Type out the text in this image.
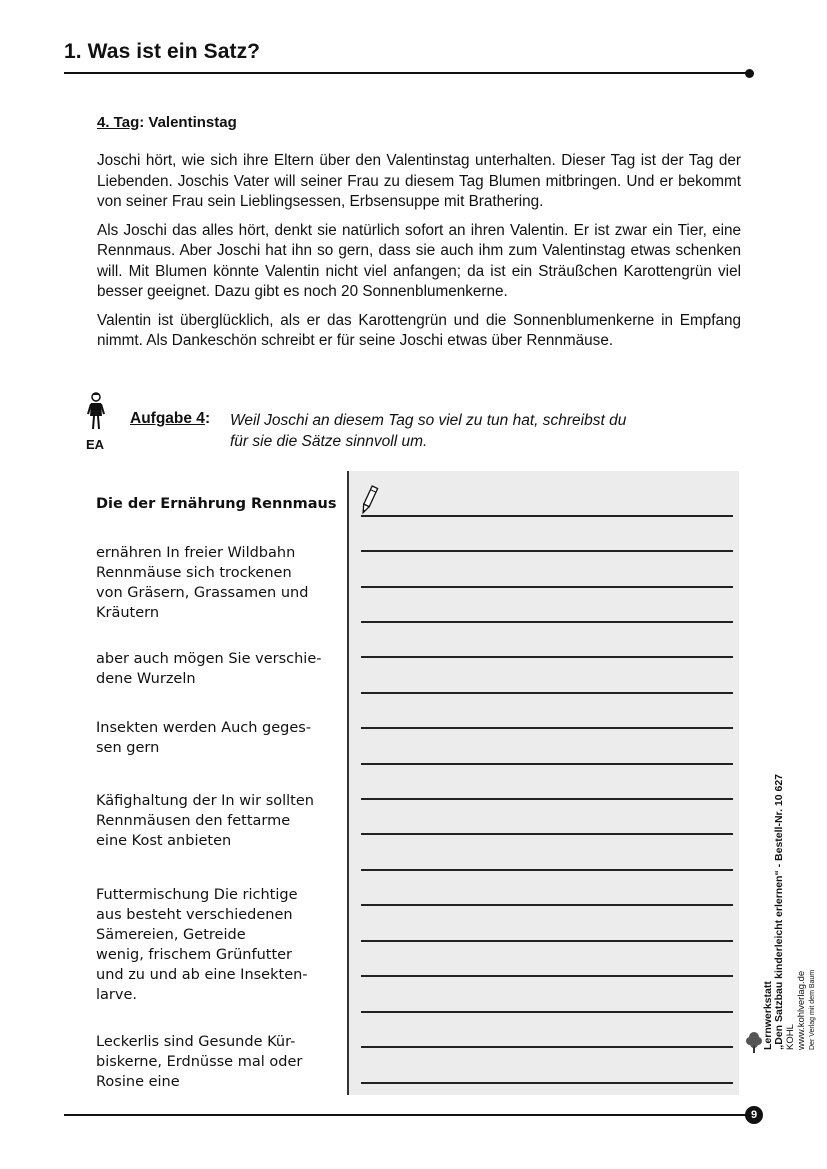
1. Was ist ein Satz?
4. Tag: Valentinstag

Joschi hört, wie sich ihre Eltern über den Valentinstag unterhalten. Dieser Tag ist der Tag der Liebenden. Joschis Vater will seiner Frau zu diesem Tag Blumen mitbringen. Und er bekommt von seiner Frau sein Lieblingsessen, Erbsensuppe mit Brathering.

Als Joschi das alles hört, denkt sie natürlich sofort an ihren Valentin. Er ist zwar ein Tier, eine Rennmaus. Aber Joschi hat ihn so gern, dass sie auch ihm zum Valentinstag etwas schenken will. Mit Blumen könnte Valentin nicht viel anfangen; da ist ein Sträußchen Karottengrün viel besser geeignet. Dazu gibt es noch 20 Sonnenblumenkerne.

Valentin ist überglücklich, als er das Karottengrün und die Sonnenblumenkerne in Empfang nimmt. Als Dankeschön schreibt er für seine Joschi etwas über Rennmäuse.

EA
Aufgabe 4: Weil Joschi an diesem Tag so viel zu tun hat, schreibst du
für sie die Sätze sinnvoll um.
Die der Ernährung Rennmaus
ernähren In freier Wildbahn
Rennmäuse sich trockenen
von Gräsern, Grassamen und
Kräutern
aber auch mögen Sie verschie-
dene Wurzeln
Insekten werden Auch geges-
sen gern
Käfighaltung der In wir sollten
Rennmäusen den fettarme
eine Kost anbieten
Futtermischung Die richtige
aus besteht verschiedenen
Sämereien, Getreide
wenig, frischem Grünfutter
und zu und ab eine Insekten-
larve.
Leckerlis sind Gesunde Kür-
biskerne, Erdnüsse mal oder
Rosine eine
Lernwerkstatt „Den Satzbau kinderleicht erlernen“ - Bestell-Nr. 10 627 KOHL www.kohlverlag.de Der Verlag mit dem Baum
9
